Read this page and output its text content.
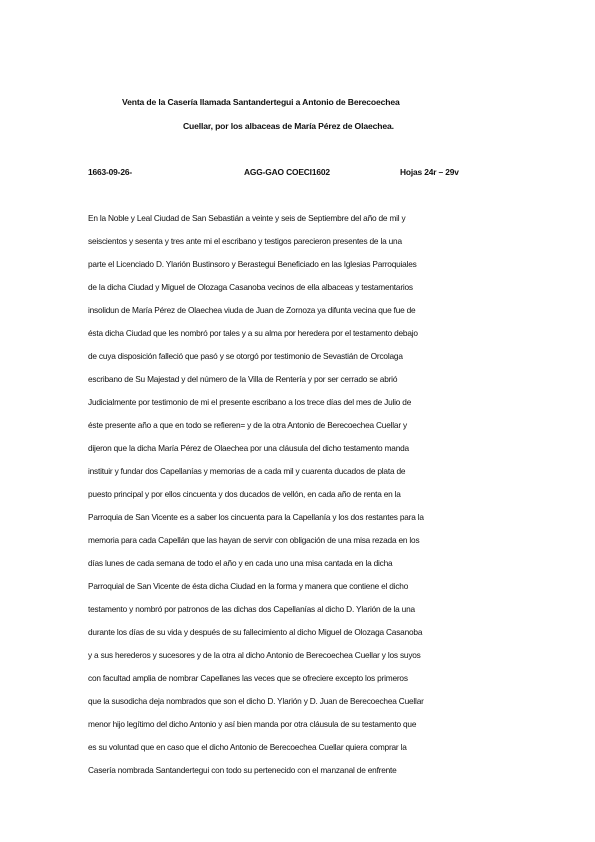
Venta de la Casería llamada Santandertegui a Antonio de Berecoechea
Cuellar, por los albaceas de María Pérez de Olaechea.
1663-09-26-	AGG-GAO COECI1602	Hojas 24r – 29v
En la Noble y Leal Ciudad de San Sebastián a veinte y seis de Septiembre del año de mil y
seiscientos y sesenta y tres ante mi el escribano y testigos parecieron presentes de la una
parte el Licenciado D. Ylarión Bustinsoro y Berastegui Beneficiado en las Iglesias Parroquiales
de la dicha Ciudad y Miguel de Olozaga Casanoba vecinos de ella albaceas y testamentarios
insolidun de María Pérez de Olaechea viuda de Juan de Zornoza ya difunta vecina que fue de
ésta dicha Ciudad que les nombró por tales y a su alma por heredera por el testamento debajo
de cuya disposición falleció que pasó y se otorgó por testimonio de Sevastián de Orcolaga
escribano de Su Majestad y del número de la Villa de Rentería y por ser cerrado se abrió
Judicialmente por testimonio de mi el presente escribano a los trece días del mes de Julio de
éste presente año a que en todo se refieren= y de la otra Antonio de Berecoechea Cuellar y
dijeron que la dicha María Pérez de Olaechea por una cláusula del dicho testamento manda
instituir y fundar dos Capellanías y memorias de a cada mil y cuarenta ducados de plata de
puesto principal y por ellos cincuenta y dos ducados de vellón, en cada año de renta en la
Parroquia de San Vicente es a saber los cincuenta para la Capellanía y los dos restantes para la
memoria para cada Capellán que las hayan de servir con obligación de una misa rezada en los
días lunes de cada semana de todo el año y en cada uno una misa cantada en la dicha
Parroquial de San Vicente de ésta dicha Ciudad en la forma y manera que contiene el dicho
testamento y nombró por patronos de las dichas dos Capellanías al dicho D. Ylarión de la una
durante los días de su vida y después de su fallecimiento al dicho Miguel de Olozaga Casanoba
y a sus herederos y sucesores y de la otra al dicho Antonio de Berecoechea Cuellar y los suyos
con facultad amplia de nombrar Capellanes las veces que se ofreciere excepto los primeros
que la susodicha deja nombrados que son el dicho D. Ylarión y D. Juan de Berecoechea Cuellar
menor hijo legítimo del dicho Antonio y así bien manda por otra cláusula de su testamento que
es su voluntad que en caso que el dicho Antonio de Berecoechea Cuellar quiera comprar la
Casería nombrada Santandertegui con todo su pertenecido con el manzanal de enfrente
